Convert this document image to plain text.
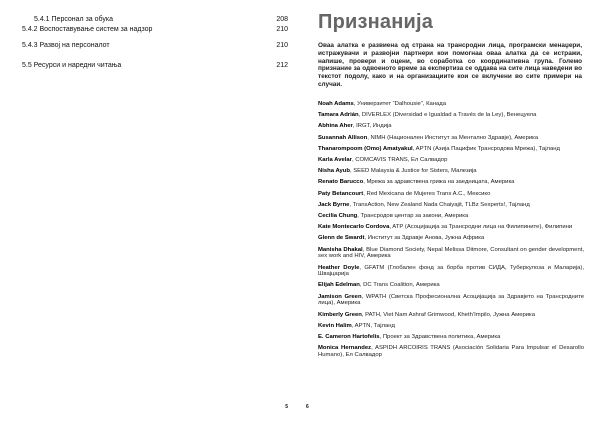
5.4.1 Персонал за обука	208
5.4.2 Воспоставување систем за надзор	210
5.4.3 Развој на персоналот	210
5.5 Ресурси и наредни читања	212
5
Признанија
Оваа алатка е развиена од страна на трансродни лица, програмски менаџери, истражувачи и развојни партнери кои помогнаа оваа алатка да се истражи, напише, провери и оцени, во соработка со координативна група. Големо признание за одвоеното време за експертиза се оддава на сите лица наведени во текстот подолу, какo и на организациите кои се вклучени во сите примери на случаи.
Noah Adams, Универзитет “Dalhousie”, Канада
Tamara Adrián, DIVERLEX (Diversidad e Igualdad a Través de la Ley), Венецуела
Abhina Aher, IRGT, Индија
Susannah Allison, NIMH (Национален Институт за Ментално Здравје), Америка
Thanarompoom (Omo) Amatyakul, APTN (Азија Пацифик Трансродова Мрежа), Тајланд
Karla Avelar, COMCAVIS TRANS, Ел Салвадор
Nisha Ayub, SEED Malaysia & Justice for Sisters, Малезија
Renato Barucco, Мрежа за здравствена грижа на заедницата, Америка
Paty Betancourt, Red Mexicana de Mujeres Trans A.C., Мексико
Jack Byrne, TransAction, New Zealand Nada Chaiyajit, TLBz Sexperts!, Тајланд
Cecilia Chung, Трансродов центар за закони, Америка
Kate Montecarlo Cordova, ATP (Асоцијација за Трансродни лица на Филипините), Филипини
Glenn de Swardt, Институт за Здравје Анова, Јужна Африка
Manisha Dhakal, Blue Diamond Society, Nepal Melissa Ditmore, Consultant on gender development, sex work and HIV, Америка
Heather Doyle, GFATM (Глобален фонд за борба против СИДА, Туберкулоза и Маларија), Швајцарија
Elijah Edelman, DC Trans Coalition, Америка
Jamison Green, WPATH (Светска Професионална Асоцијација за Здравјето на Трансродните лица), Америка
Kimberly Green, PATH, Viet Nam Ashraf Grimwood, Kheth’Impilo, Јужна Америка
Kevin Halim, APTN, Тајланд
E. Cameron Hartofelis, Проект за Здравствена политика, Америка
Monica Hernandez, ASPIDH ARCOIRIS TRANS (Asociación Solidaria Para Impulsar el Desarollo Humano), Ел Салвадор
6
